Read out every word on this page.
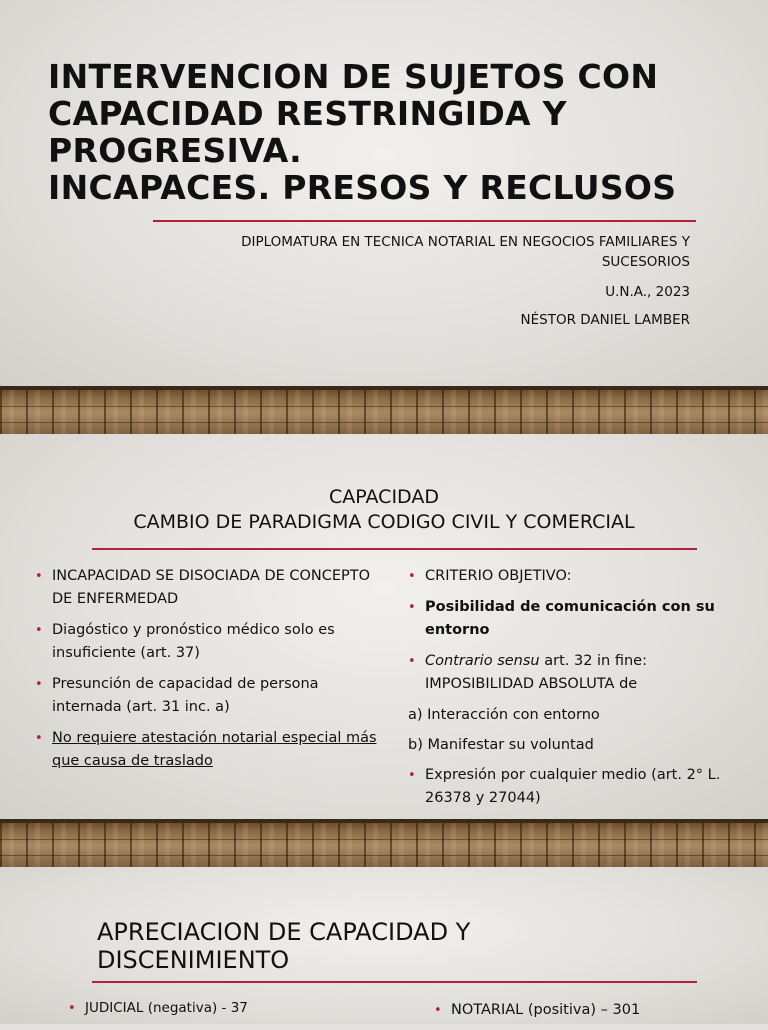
INTERVENCION DE SUJETOS CON
CAPACIDAD RESTRINGIDA Y
PROGRESIVA.
INCAPACES. PRESOS Y RECLUSOS
DIPLOMATURA EN TECNICA NOTARIAL EN NEGOCIOS FAMILIARES Y
SUCESORIOS
U.N.A., 2023
NÉSTOR DANIEL LAMBER
CAPACIDAD
CAMBIO DE PARADIGMA CODIGO CIVIL Y COMERCIAL
• INCAPACIDAD SE DISOCIADA DE CONCEPTO DE ENFERMEDAD
• Diagóstico y pronóstico médico solo es insuficiente (art. 37)
• Presunción de capacidad de persona internada (art. 31 inc. a)
• No requiere atestación notarial especial más que causa de traslado
• CRITERIO OBJETIVO:
• Posibilidad de comunicación con su entorno
• Contrario sensu art. 32 in fine: IMPOSIBILIDAD ABSOLUTA de
a) Interacción con entorno
b) Manifestar su voluntad
• Expresión por cualquier medio (art. 2° L. 26378 y 27044)
APRECIACION DE CAPACIDAD Y
DISCENIMIENTO
• JUDICIAL (negativa) - 37	• NOTARIAL (positiva) – 301
